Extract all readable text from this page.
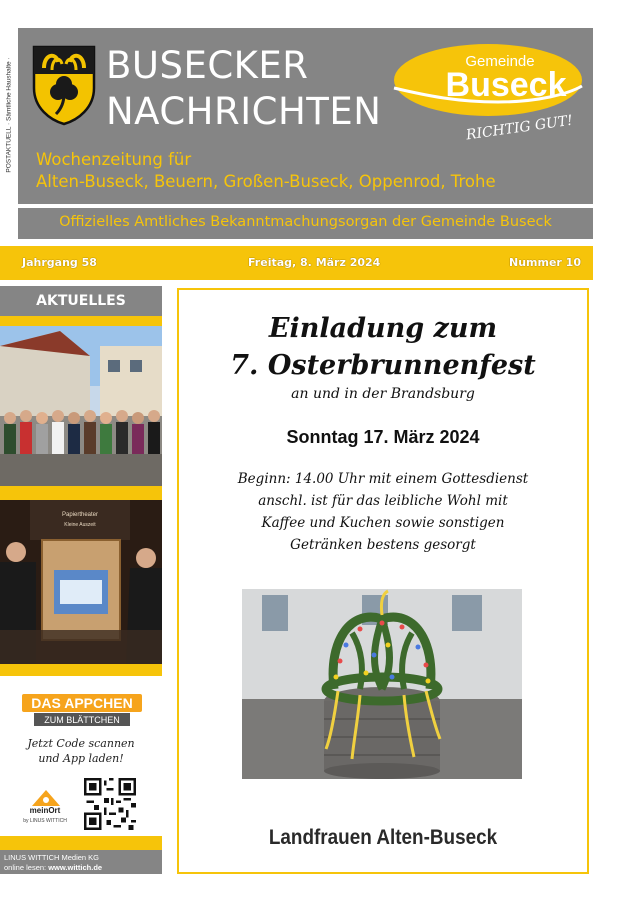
POSTAKTUELL · Sämtliche Haushalte ·	BUSECKER
NACHRICHTEN
Wochenzeitung für
Alten-Buseck, Beuern, Großen-Buseck, Oppenrod, Trohe
Gemeinde
Buseck
RICHTIG GUT!
Offizielles Amtliches Bekanntmachungsorgan der Gemeinde Buseck
Jahrgang 58	Freitag, 8. März 2024	Nummer 10
AKTUELLES
Papiertheater
Kleine Auszeit
DAS APPCHEN
ZUM BLÄTTCHEN
Jetzt Code scannen
und App laden!
meinOrt
by LINUS WITTICH
LINUS WITTICH Medien KG
online lesen: www.wittich.de
Einladung zum
7. Osterbrunnenfest
an und in der Brandsburg
Sonntag 17. März 2024
Beginn: 14.00 Uhr mit einem Gottesdienst
anschl. ist für das leibliche Wohl mit
Kaffee und Kuchen sowie sonstigen
Getränken bestens gesorgt
Landfrauen Alten-Buseck
